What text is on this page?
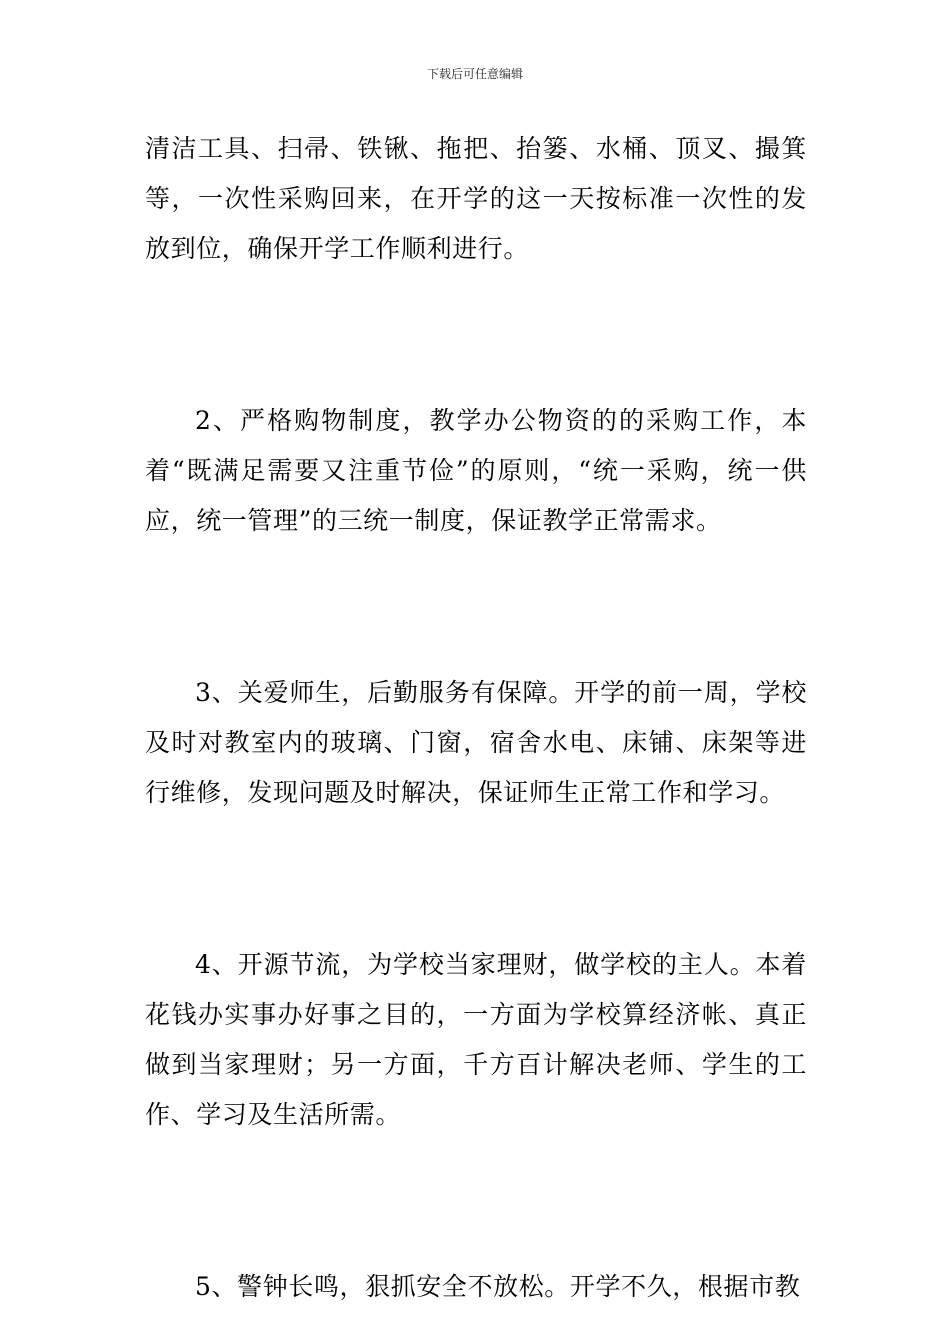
下载后可任意编辑

清洁工具、扫帚、铁锹、拖把、抬篓、水桶、顶叉、撮箕等，一次性采购回来，在开学的这一天按标准一次性的发放到位，确保开学工作顺利进行。

2、严格购物制度，教学办公物资的的采购工作，本着“既满足需要又注重节俭”的原则，“统一采购，统一供应，统一管理”的三统一制度，保证教学正常需求。

3、关爱师生，后勤服务有保障。开学的前一周，学校及时对教室内的玻璃、门窗，宿舍水电、床铺、床架等进行维修，发现问题及时解决，保证师生正常工作和学习。

4、开源节流，为学校当家理财，做学校的主人。本着花钱办实事办好事之目的，一方面为学校算经济帐、真正做到当家理财；另一方面，千方百计解决老师、学生的工作、学习及生活所需。

5、警钟长鸣，狠抓安全不放松。开学不久，根据市教
